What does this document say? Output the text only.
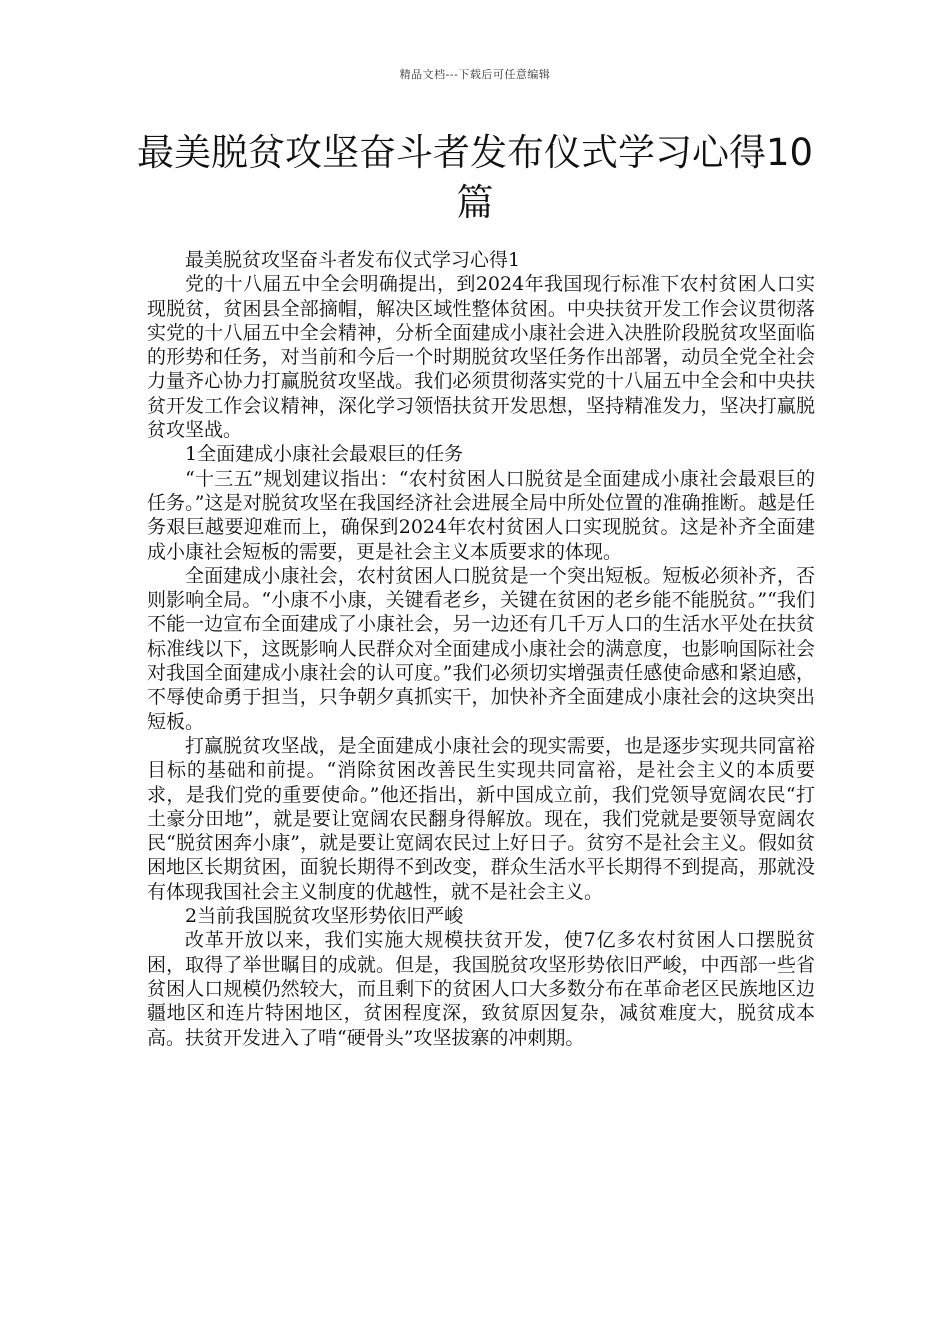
精品文档---下载后可任意编辑
最美脱贫攻坚奋斗者发布仪式学习心得10篇

最美脱贫攻坚奋斗者发布仪式学习心得1

党的十八届五中全会明确提出，到2024年我国现行标准下农村贫困人口实现脱贫，贫困县全部摘帽，解决区域性整体贫困。中央扶贫开发工作会议贯彻落实党的十八届五中全会精神，分析全面建成小康社会进入决胜阶段脱贫攻坚面临的形势和任务，对当前和今后一个时期脱贫攻坚任务作出部署，动员全党全社会力量齐心协力打赢脱贫攻坚战。我们必须贯彻落实党的十八届五中全会和中央扶贫开发工作会议精神，深化学习领悟扶贫开发思想，坚持精准发力，坚决打赢脱贫攻坚战。

1全面建成小康社会最艰巨的任务

“十三五”规划建议指出：“农村贫困人口脱贫是全面建成小康社会最艰巨的任务。”这是对脱贫攻坚在我国经济社会进展全局中所处位置的准确推断。越是任务艰巨越要迎难而上，确保到2024年农村贫困人口实现脱贫。这是补齐全面建成小康社会短板的需要，更是社会主义本质要求的体现。

全面建成小康社会，农村贫困人口脱贫是一个突出短板。短板必须补齐，否则影响全局。“小康不小康，关键看老乡，关键在贫困的老乡能不能脱贫。”“我们不能一边宣布全面建成了小康社会，另一边还有几千万人口的生活水平处在扶贫标准线以下，这既影响人民群众对全面建成小康社会的满意度，也影响国际社会对我国全面建成小康社会的认可度。”我们必须切实增强责任感使命感和紧迫感，不辱使命勇于担当，只争朝夕真抓实干，加快补齐全面建成小康社会的这块突出短板。

打赢脱贫攻坚战，是全面建成小康社会的现实需要，也是逐步实现共同富裕目标的基础和前提。“消除贫困改善民生实现共同富裕，是社会主义的本质要求，是我们党的重要使命。”他还指出，新中国成立前，我们党领导宽阔农民“打土豪分田地”，就是要让宽阔农民翻身得解放。现在，我们党就是要领导宽阔农民“脱贫困奔小康”，就是要让宽阔农民过上好日子。贫穷不是社会主义。假如贫困地区长期贫困，面貌长期得不到改变，群众生活水平长期得不到提高，那就没有体现我国社会主义制度的优越性，就不是社会主义。

2当前我国脱贫攻坚形势依旧严峻

改革开放以来，我们实施大规模扶贫开发，使7亿多农村贫困人口摆脱贫困，取得了举世瞩目的成就。但是，我国脱贫攻坚形势依旧严峻，中西部一些省贫困人口规模仍然较大，而且剩下的贫困人口大多数分布在革命老区民族地区边疆地区和连片特困地区，贫困程度深，致贫原因复杂，减贫难度大，脱贫成本高。扶贫开发进入了啃“硬骨头”攻坚拔寨的冲刺期。
